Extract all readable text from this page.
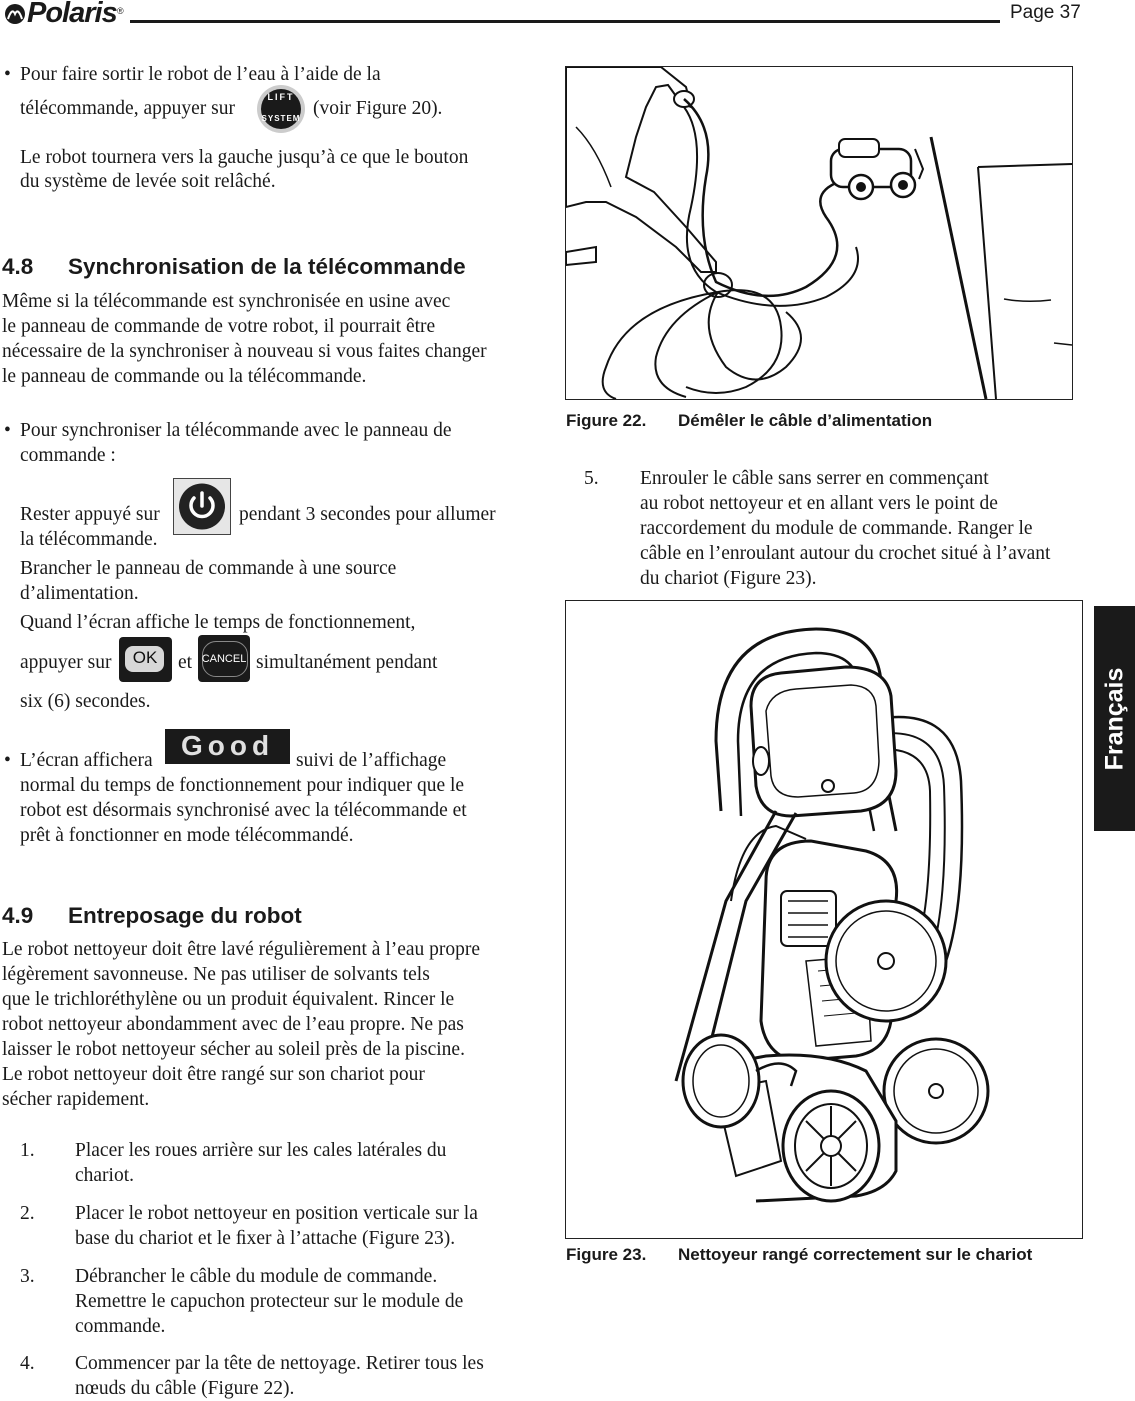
Polaris ®	Page 37
Français
• Pour faire sortir le robot de l’eau à l’aide de la
télécommande, appuyer sur
LIFT
SYSTEM (voir Figure 20).
Le robot tournera vers la gauche jusqu’à ce que le bouton
du système de levée soit relâché.
4.8 Synchronisation de la télécommande
Même si la télécommande est synchronisée en usine avec
le panneau de commande de votre robot, il pourrait être
nécessaire de la synchroniser à nouveau si vous faites changer
le panneau de commande ou la télécommande.
• Pour synchroniser la télécommande avec le panneau de
commande :
Rester appuyé sur	pendant 3 secondes pour allumer
la télécommande.
Brancher le panneau de commande à une source
d’alimentation.
Quand l’écran affiche le temps de fonctionnement,
appuyer sur	OK	et CANCEL simultanément pendant
six (6) secondes.
• L’écran affichera	Good	suivi de l’affichage
normal du temps de fonctionnement pour indiquer que le
robot est désormais synchronisé avec la télécommande et
prêt à fonctionner en mode télécommandé.
4.9 Entreposage du robot
Le robot nettoyeur doit être lavé régulièrement à l’eau propre
légèrement savonneuse. Ne pas utiliser de solvants tels
que le trichloréthylène ou un produit équivalent. Rincer le
robot nettoyeur abondamment avec de l’eau propre. Ne pas
laisser le robot nettoyeur sécher au soleil près de la piscine.
Le robot nettoyeur doit être rangé sur son chariot pour
sécher rapidement.
1. Placer les roues arrière sur les cales latérales du
chariot.
2. Placer le robot nettoyeur en position verticale sur la
base du chariot et le ﬁxer à l’attache (Figure 23).
3. Débrancher le câble du module de commande.
Remettre le capuchon protecteur sur le module de
commande.
4. Commencer par la tête de nettoyage. Retirer tous les
nœuds du câble (Figure 22).
Figure 22. Démêler le câble d’alimentation
5. Enrouler le câble sans serrer en commençant
au robot nettoyeur et en allant vers le point de
raccordement du module de commande. Ranger le
câble en l’enroulant autour du crochet situé à l’avant
du chariot (Figure 23).
Figure 23. Nettoyeur rangé correctement sur le chariot
